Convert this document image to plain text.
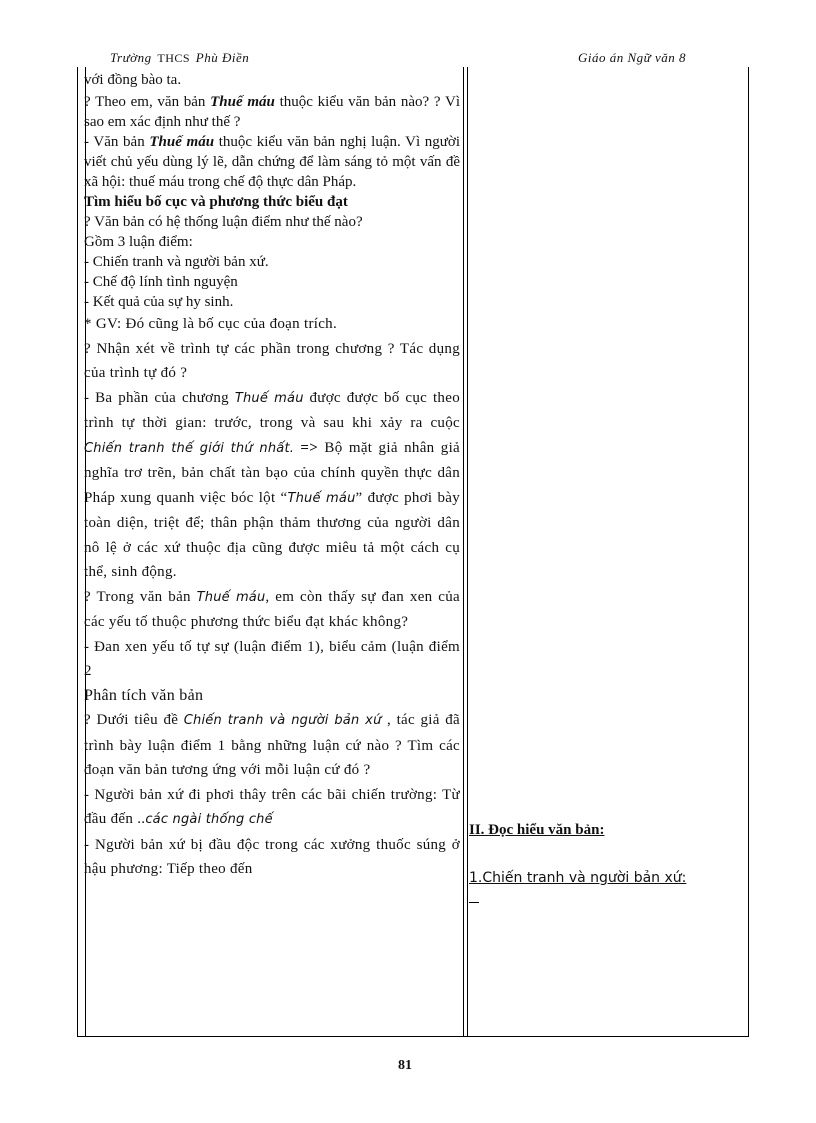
Trường THCS Phù Điền	Giáo án Ngữ văn 8

với đồng bào ta.

? Theo em, văn bản Thuế máu thuộc kiểu văn bản nào? ? Vì sao em xác định như thế ?

- Văn bản Thuế máu thuộc kiểu văn bản nghị luận. Vì người viết chủ yếu dùng lý lẽ, dẫn chứng để làm sáng tỏ một vấn đề xã hội: thuế máu trong chế độ thực dân Pháp.

Tìm hiểu bố cục và phương thức biểu đạt

? Văn bản có hệ thống luận điểm như thế nào?

Gồm 3 luận điểm:

- Chiến tranh và người bản xứ.

- Chế độ lính tình nguyện

- Kết quả của sự hy sinh.

* GV: Đó cũng là bố cục của đoạn trích.

? Nhận xét về trình tự các phần trong chương ? Tác dụng của trình tự đó ?

- Ba phần của chương Thuế máu được được bố cục theo trình tự thời gian: trước, trong và sau khi xảy ra cuộc Chiến tranh thế giới thứ nhất. => Bộ mặt giả nhân giả nghĩa trơ trẽn, bản chất tàn bạo của chính quyền thực dân Pháp xung quanh việc bóc lột “Thuế máu” được phơi bày toàn diện, triệt để; thân phận thảm thương của người dân nô lệ ở các xứ thuộc địa cũng được miêu tả một cách cụ thể, sinh động.

? Trong văn bản Thuế máu, em còn thấy sự đan xen của các yếu tố thuộc phương thức biểu đạt khác không?

- Đan xen yếu tố tự sự (luận điểm 1), biểu cảm (luận điểm 2

Phân tích văn bản

? Dưới tiêu đề Chiến tranh và người bản xứ , tác giả đã trình bày luận điểm 1 bằng những luận cứ nào ? Tìm các đoạn văn bản tương ứng với mỗi luận cứ đó ?

- Người bản xứ đi phơi thây trên các bãi chiến trường: Từ đầu đến ..các ngài thống chế

- Người bản xứ bị đầu độc trong các xưởng thuốc súng ở hậu phương: Tiếp theo đến

II. Đọc hiểu văn bản:
1.Chiến tranh và người bản xứ:
81
